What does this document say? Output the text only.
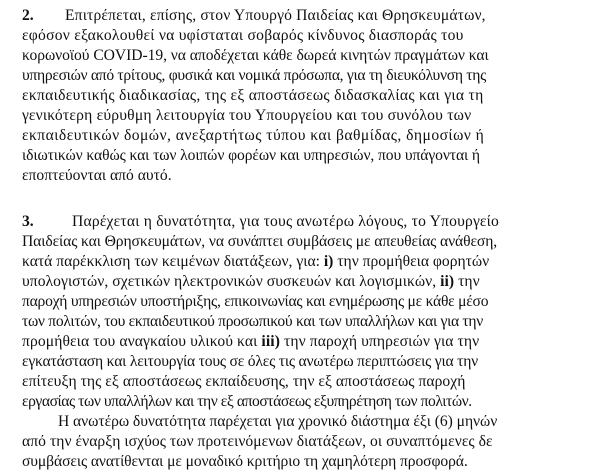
2. Επιτρέπεται, επίσης, στον Υπουργό Παιδείας και Θρησκευμάτων,
εφόσον εξακολουθεί να υφίσταται σοβαρός κίνδυνος διασποράς του
κορωνοϊού COVID-19, να αποδέχεται κάθε δωρεά κινητών πραγμάτων και
υπηρεσιών από τρίτους, φυσικά και νομικά πρόσωπα, για τη διευκόλυνση της
εκπαιδευτικής διαδικασίας, της εξ αποστάσεως διδασκαλίας και για τη
γενικότερη εύρυθμη λειτουργία του Υπουργείου και του συνόλου των
εκπαιδευτικών δομών, ανεξαρτήτως τύπου και βαθμίδας, δημοσίων ή
ιδιωτικών καθώς και των λοιπών φορέων και υπηρεσιών, που υπάγονται ή
εποπτεύονται από αυτό.
3. Παρέχεται η δυνατότητα, για τους ανωτέρω λόγους, το Υπουργείο
Παιδείας και Θρησκευμάτων, να συνάπτει συμβάσεις με απευθείας ανάθεση,
κατά παρέκκλιση των κειμένων διατάξεων, για: i) την προμήθεια φορητών
υπολογιστών, σχετικών ηλεκτρονικών συσκευών και λογισμικών, ii) την
παροχή υπηρεσιών υποστήριξης, επικοινωνίας και ενημέρωσης με κάθε μέσο
των πολιτών, του εκπαιδευτικού προσωπικού και των υπαλλήλων και για την
προμήθεια του αναγκαίου υλικού και iii) την παροχή υπηρεσιών για την
εγκατάσταση και λειτουργία τους σε όλες τις ανωτέρω περιπτώσεις για την
επίτευξη της εξ αποστάσεως εκπαίδευσης, την εξ αποστάσεως παροχή
εργασίας των υπαλλήλων και την εξ αποστάσεως εξυπηρέτηση των πολιτών.
Η ανωτέρω δυνατότητα παρέχεται για χρονικό διάστημα έξι (6) μηνών
από την έναρξη ισχύος των προτεινόμενων διατάξεων, οι συναπτόμενες δε
συμβάσεις ανατίθενται με μοναδικό κριτήριο τη χαμηλότερη προσφορά.
